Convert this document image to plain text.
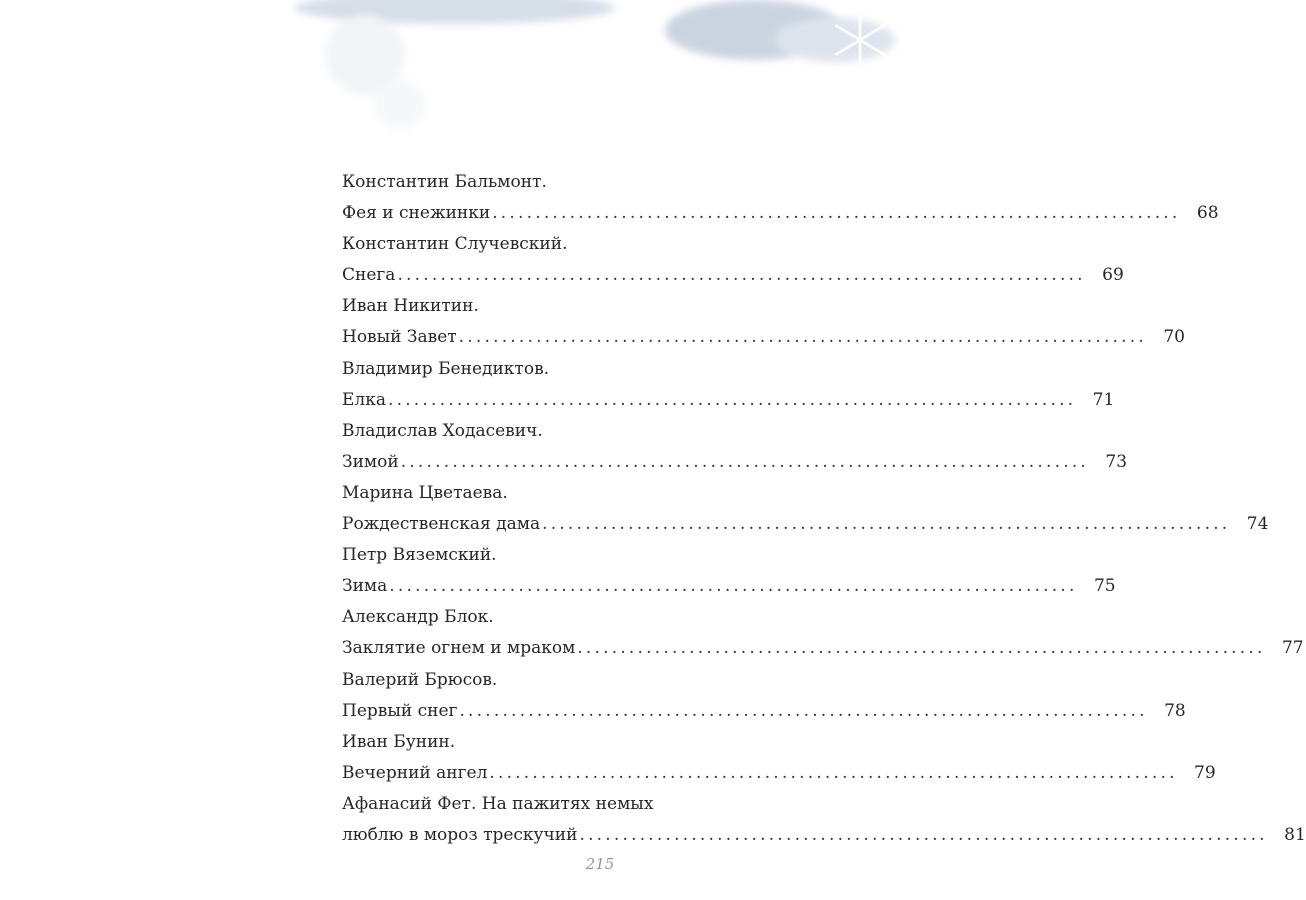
Константин Бальмонт.
Фея и снежинки ................................................................................ 68
Константин Случевский.
Снега ................................................................................ 69
Иван Никитин.
Новый Завет ................................................................................ 70
Владимир Бенедиктов.
Елка ................................................................................ 71
Владислав Ходасевич.
Зимой ................................................................................ 73
Марина Цветаева.
Рождественская дама ................................................................................ 74
Петр Вяземский.
Зима ................................................................................ 75
Александр Блок.
Заклятие огнем и мраком ................................................................................ 77
Валерий Брюсов.
Первый снег ................................................................................ 78
Иван Бунин.
Вечерний ангел ................................................................................ 79
Афанасий Фет. На пажитях немых
люблю в мороз трескучий ................................................................................ 81
215
